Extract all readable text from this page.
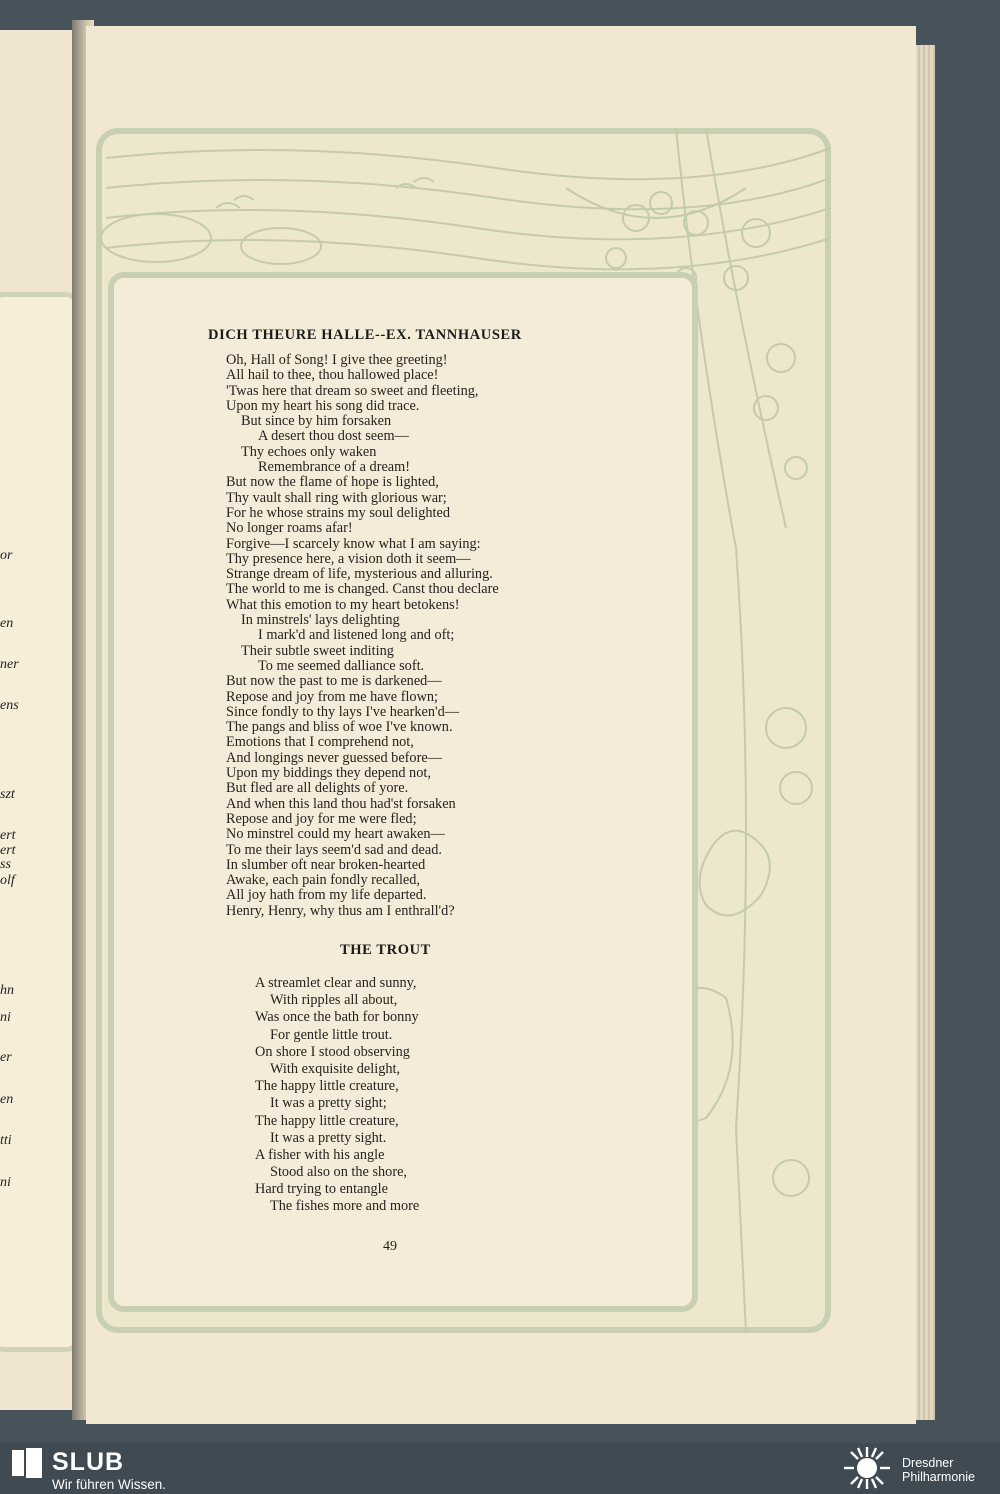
or
en
ner
ens
szt
ert
ert
ss
olf
hn
ni
er
en
tti
ni
DICH THEURE HALLE--EX. TANNHAUSER
Oh, Hall of Song! I give thee greeting!
All hail to thee, thou hallowed place!
'Twas here that dream so sweet and fleeting,
Upon my heart his song did trace.
But since by him forsaken
A desert thou dost seem—
Thy echoes only waken
Remembrance of a dream!
But now the flame of hope is lighted,
Thy vault shall ring with glorious war;
For he whose strains my soul delighted
No longer roams afar!
Forgive—I scarcely know what I am saying:
Thy presence here, a vision doth it seem—
Strange dream of life, mysterious and alluring.
The world to me is changed. Canst thou declare
What this emotion to my heart betokens!
In minstrels' lays delighting
I mark'd and listened long and oft;
Their subtle sweet inditing
To me seemed dalliance soft.
But now the past to me is darkened—
Repose and joy from me have flown;
Since fondly to thy lays I've hearken'd—
The pangs and bliss of woe I've known.
Emotions that I comprehend not,
And longings never guessed before—
Upon my biddings they depend not,
But fled are all delights of yore.
And when this land thou had'st forsaken
Repose and joy for me were fled;
No minstrel could my heart awaken—
To me their lays seem'd sad and dead.
In slumber oft near broken-hearted
Awake, each pain fondly recalled,
All joy hath from my life departed.
Henry, Henry, why thus am I enthrall'd?
THE TROUT
A streamlet clear and sunny,
With ripples all about,
Was once the bath for bonny
For gentle little trout.
On shore I stood observing
With exquisite delight,
The happy little creature,
It was a pretty sight;
The happy little creature,
It was a pretty sight.
A fisher with his angle
Stood also on the shore,
Hard trying to entangle
The fishes more and more
49
SLUB
Wir führen Wissen.
Dresdner
Philharmonie
